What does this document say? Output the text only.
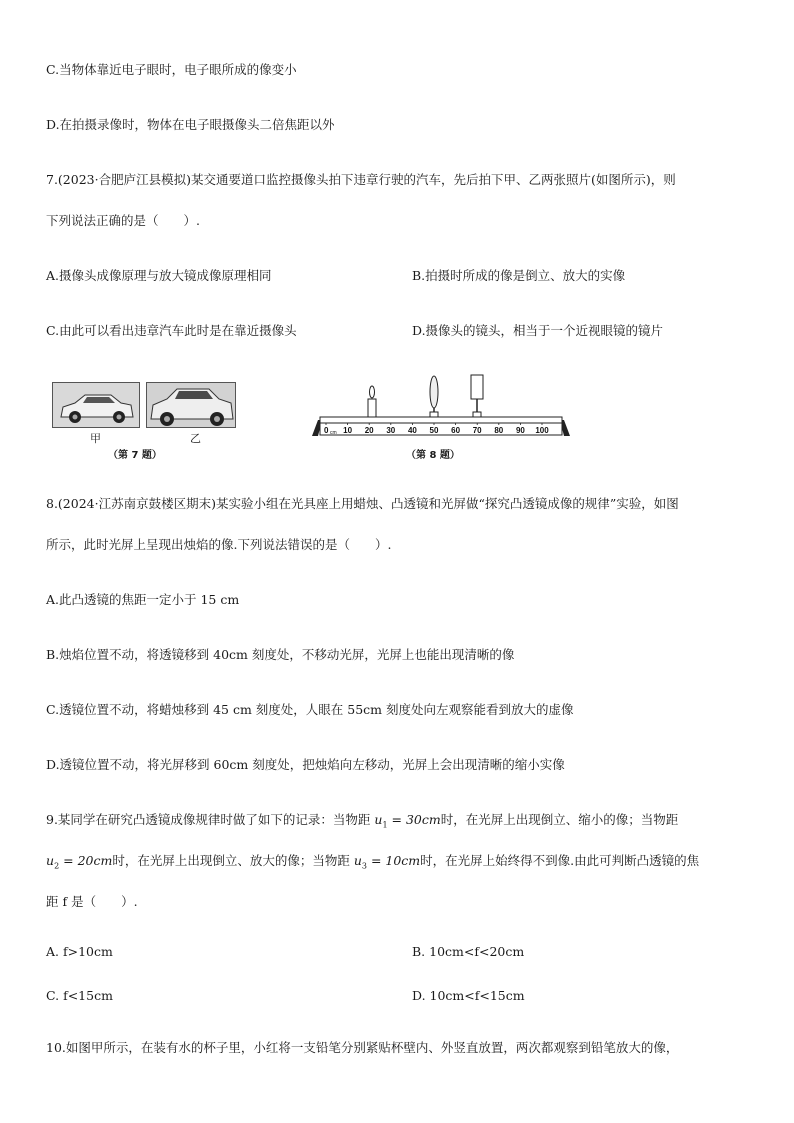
C.当物体靠近电子眼时，电子眼所成的像变小
D.在拍摄录像时，物体在电子眼摄像头二倍焦距以外
7.(2023·合肥庐江县模拟)某交通要道口监控摄像头拍下违章行驶的汽车，先后拍下甲、乙两张照片(如图所示)，则
下列说法正确的是（　　）.
A.摄像头成像原理与放大镜成像原理相同	B.拍摄时所成的像是倒立、放大的实像
C.由此可以看出违章汽车此时是在靠近摄像头	D.摄像头的镜头，相当于一个近视眼镜的镜片
甲	乙
（第 7 题）
0 cm 10 20 30 40 50 60 70 80 90 100
（第 8 题）
8.(2024·江苏南京鼓楼区期末)某实验小组在光具座上用蜡烛、凸透镜和光屏做“探究凸透镜成像的规律”实验，如图
所示，此时光屏上呈现出烛焰的像.下列说法错误的是（　　）.
A.此凸透镜的焦距一定小于 15 cm
B.烛焰位置不动，将透镜移到 40cm 刻度处，不移动光屏，光屏上也能出现清晰的像
C.透镜位置不动，将蜡烛移到 45 cm 刻度处，人眼在 55cm 刻度处向左观察能看到放大的虚像
D.透镜位置不动，将光屏移到 60cm 刻度处，把烛焰向左移动，光屏上会出现清晰的缩小实像
9.某同学在研究凸透镜成像规律时做了如下的记录：当物距 $u_1 = 30cm$时，在光屏上出现倒立、缩小的像；当物距
$u_2 = 20cm$时，在光屏上出现倒立、放大的像；当物距 $u_3 = 10cm$时，在光屏上始终得不到像.由此可判断凸透镜的焦
距 f 是（　　）.
A. f>10cm	B. 10cm<f<20cm
C. f<15cm	D. 10cm<f<15cm
10.如图甲所示，在装有水的杯子里，小红将一支铅笔分别紧贴杯壁内、外竖直放置，两次都观察到铅笔放大的像，
